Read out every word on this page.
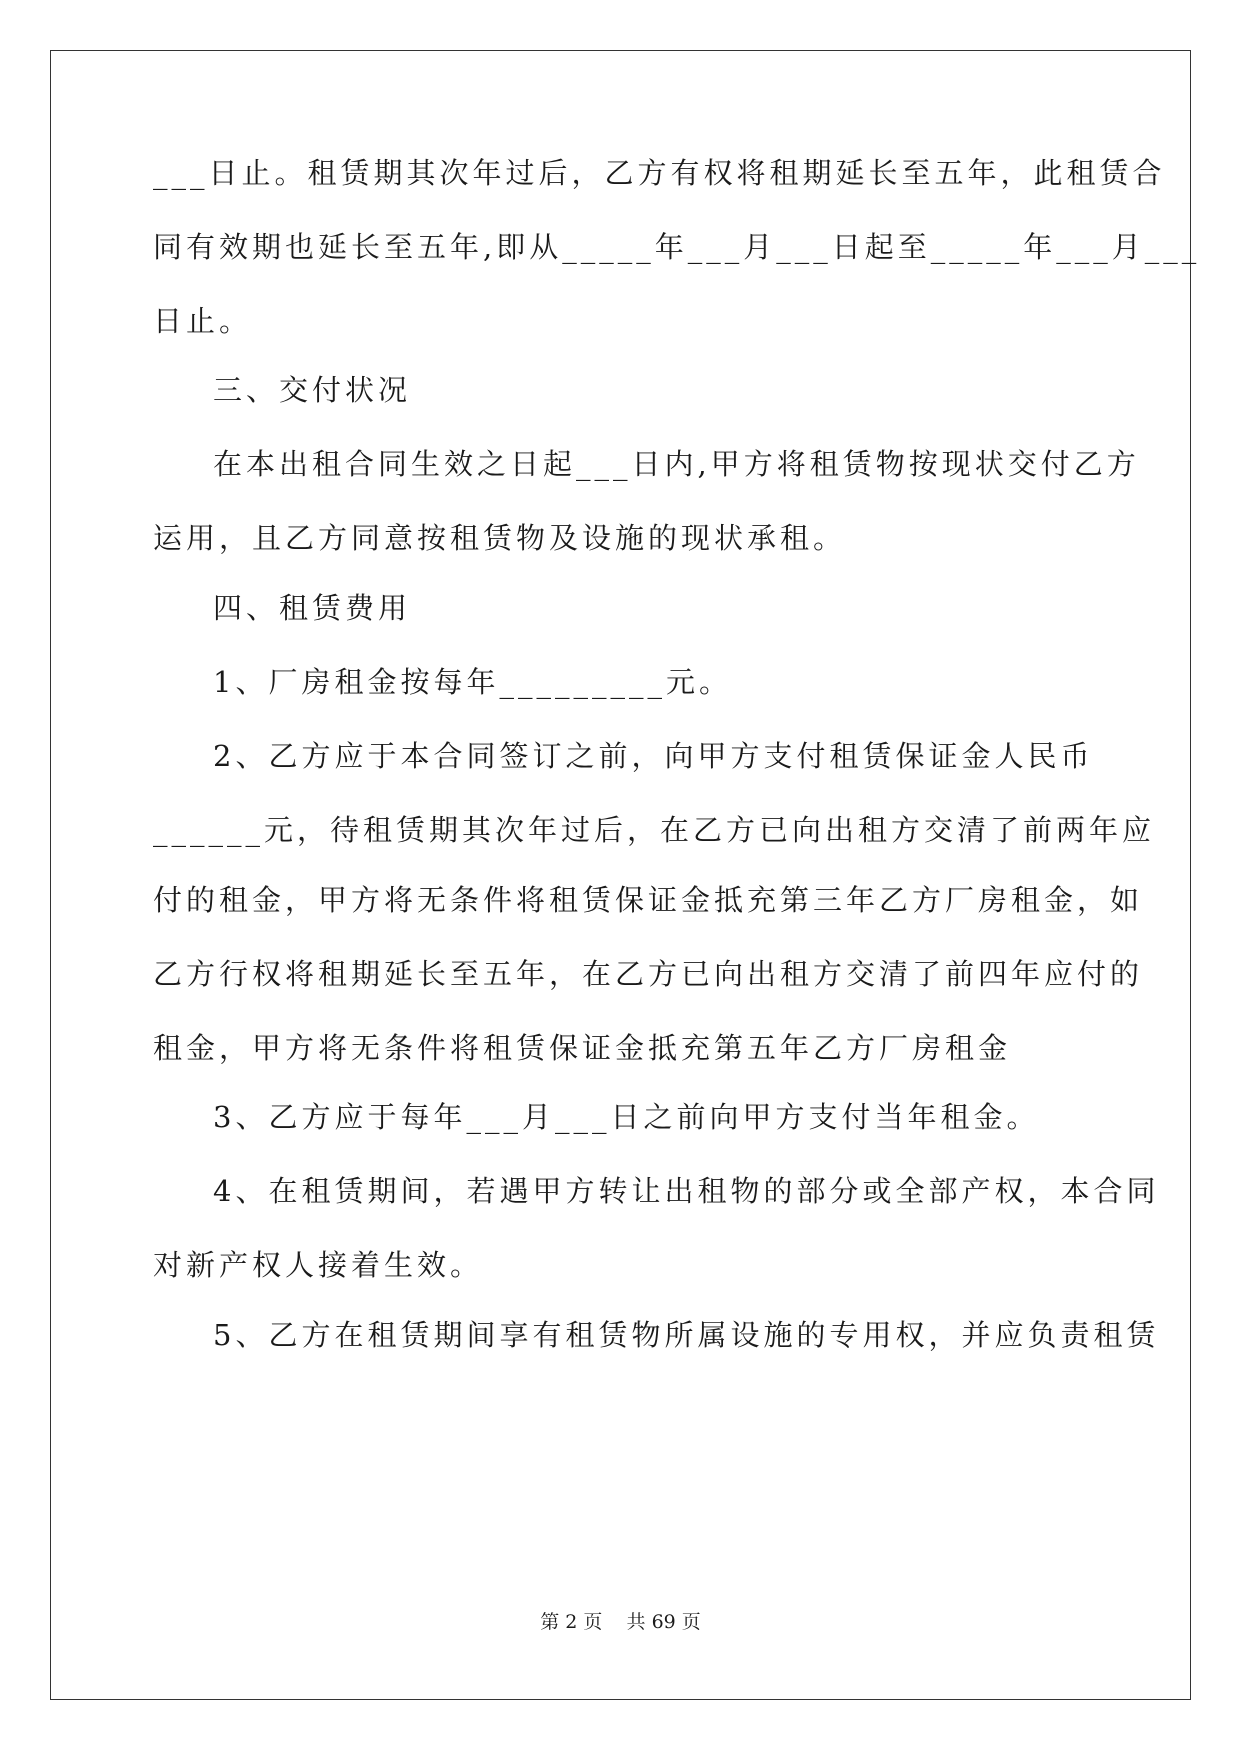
___日止。租赁期其次年过后，乙方有权将租期延长至五年，此租赁合
同有效期也延长至五年,即从_____年___月___日起至_____年___月___
日止。
三、交付状况
在本出租合同生效之日起___日内,甲方将租赁物按现状交付乙方
运用，且乙方同意按租赁物及设施的现状承租。
四、租赁费用
1、厂房租金按每年_________元。
2、乙方应于本合同签订之前，向甲方支付租赁保证金人民币
______元，待租赁期其次年过后，在乙方已向出租方交清了前两年应
付的租金，甲方将无条件将租赁保证金抵充第三年乙方厂房租金，如
乙方行权将租期延长至五年，在乙方已向出租方交清了前四年应付的
租金，甲方将无条件将租赁保证金抵充第五年乙方厂房租金
3、乙方应于每年___月___日之前向甲方支付当年租金。
4、在租赁期间，若遇甲方转让出租物的部分或全部产权，本合同
对新产权人接着生效。
5、乙方在租赁期间享有租赁物所属设施的专用权，并应负责租赁
第 2 页    共 69 页
